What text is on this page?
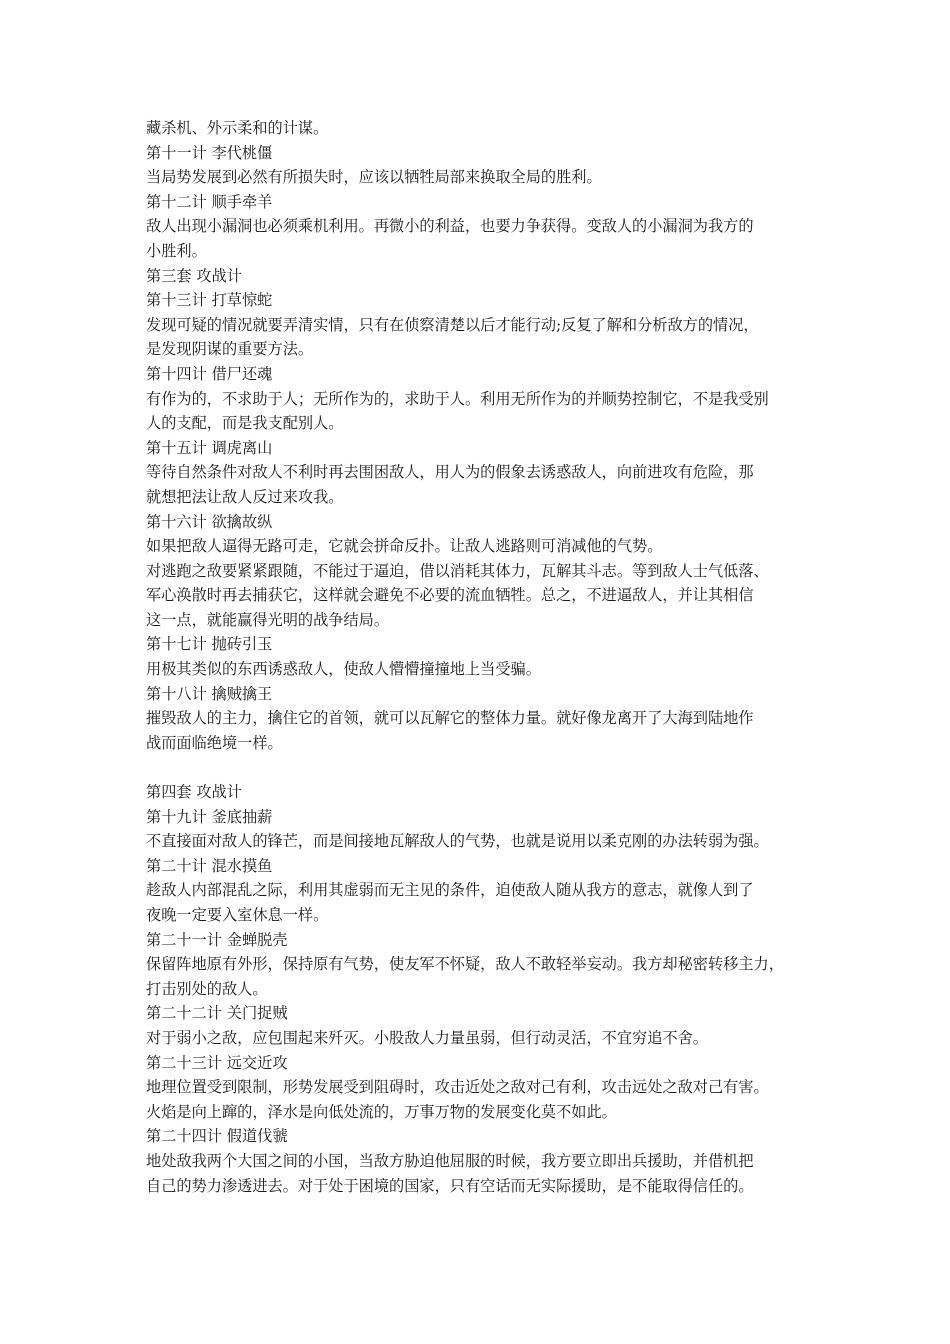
藏杀机、外示柔和的计谋。
第十一计 李代桃僵
当局势发展到必然有所损失时，应该以牺牲局部来换取全局的胜利。
第十二计 顺手牵羊
敌人出现小漏洞也必须乘机利用。再微小的利益，也要力争获得。变敌人的小漏洞为我方的
小胜利。
第三套 攻战计
第十三计 打草惊蛇
发现可疑的情况就要弄清实情，只有在侦察清楚以后才能行动;反复了解和分析敌方的情况，
是发现阴谋的重要方法。
第十四计 借尸还魂
有作为的，不求助于人；无所作为的，求助于人。利用无所作为的并顺势控制它，不是我受别
人的支配，而是我支配别人。
第十五计 调虎离山
等待自然条件对敌人不利时再去围困敌人，用人为的假象去诱惑敌人，向前进攻有危险，那
就想把法让敌人反过来攻我。
第十六计 欲擒故纵
如果把敌人逼得无路可走，它就会拼命反扑。让敌人逃路则可消减他的气势。
对逃跑之敌要紧紧跟随，不能过于逼迫，借以消耗其体力，瓦解其斗志。等到敌人士气低落、
军心涣散时再去捕获它，这样就会避免不必要的流血牺牲。总之，不进逼敌人，并让其相信
这一点，就能赢得光明的战争结局。
第十七计 抛砖引玉
用极其类似的东西诱惑敌人，使敌人懵懵撞撞地上当受骗。
第十八计 擒贼擒王
摧毁敌人的主力，擒住它的首领，就可以瓦解它的整体力量。就好像龙离开了大海到陆地作
战而面临绝境一样。
第四套 攻战计
第十九计 釜底抽薪
不直接面对敌人的锋芒，而是间接地瓦解敌人的气势，也就是说用以柔克刚的办法转弱为强。
第二十计 混水摸鱼
趁敌人内部混乱之际，利用其虚弱而无主见的条件，迫使敌人随从我方的意志，就像人到了
夜晚一定要入室休息一样。
第二十一计 金蝉脱壳
保留阵地原有外形，保持原有气势，使友军不怀疑，敌人不敢轻举妄动。我方却秘密转移主力，
打击别处的敌人。
第二十二计 关门捉贼
对于弱小之敌，应包围起来歼灭。小股敌人力量虽弱，但行动灵活，不宜穷追不舍。
第二十三计 远交近攻
地理位置受到限制，形势发展受到阻碍时，攻击近处之敌对己有利，攻击远处之敌对己有害。
火焰是向上蹿的，泽水是向低处流的，万事万物的发展变化莫不如此。
第二十四计 假道伐虢
地处敌我两个大国之间的小国，当敌方胁迫他屈服的时候，我方要立即出兵援助，并借机把
自己的势力渗透进去。对于处于困境的国家，只有空话而无实际援助，是不能取得信任的。
